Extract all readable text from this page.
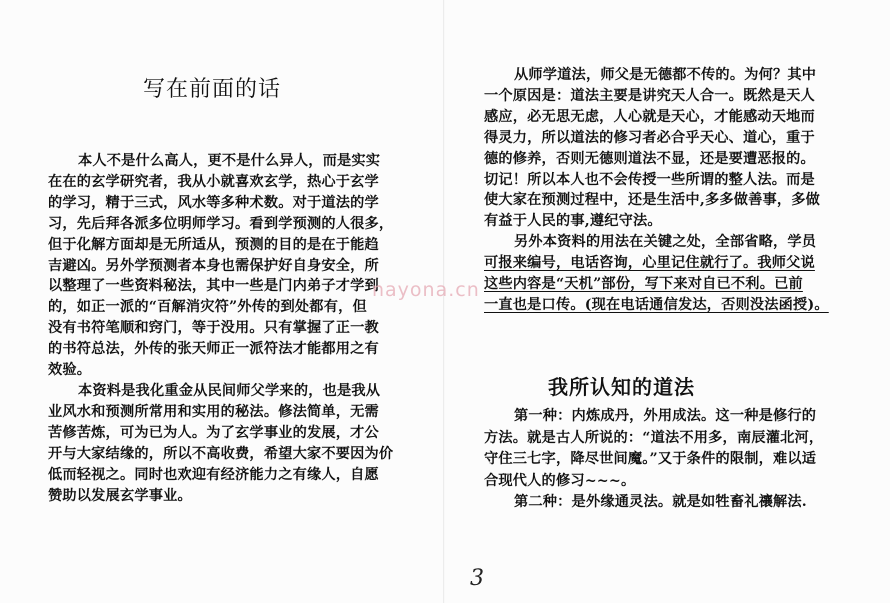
写在前面的话
本人不是什么高人，更不是什么异人，而是实实
在在的玄学研究者，我从小就喜欢玄学，热心于玄学
的学习，精于三式，风水等多种术数。对于道法的学
习，先后拜各派多位明师学习。看到学预测的人很多，
但于化解方面却是无所适从，预测的目的是在于能趋
吉避凶。另外学预测者本身也需保护好自身安全，所
以整理了一些资料秘法，其中一些是门内弟子才学到
的，如正一派的“百解消灾符”外传的到处都有，但
没有书符笔顺和窍门，等于没用。只有掌握了正一教
的书符总法，外传的张天师正一派符法才能都用之有
效验。
本资料是我化重金从民间师父学来的，也是我从
业风水和预测所常用和实用的秘法。修法简单，无需
苦修苦炼，可为已为人。为了玄学事业的发展，才公
开与大家结缘的，所以不高收费，希望大家不要因为价
低而轻视之。同时也欢迎有经济能力之有缘人，自愿
赞助以发展玄学事业。
从师学道法，师父是无德都不传的。为何？其中
一个原因是：道法主要是讲究天人合一。既然是天人
感应，必无思无虑，人心就是天心，才能感动天地而
得灵力，所以道法的修习者必合乎天心、道心，重于
德的修养，否则无德则道法不显，还是要遭恶报的。
切记！所以本人也不会传授一些所谓的整人法。而是
使大家在预测过程中，还是生活中,多多做善事，多做
有益于人民的事,遵纪守法。
另外本资料的用法在关键之处，全部省略，学员
可报来编号，电话咨询，心里记住就行了。我师父说
这些内容是“天机”部份，写下来对自已不利。已前
一直也是口传。(现在电话通信发达，否则没法函授)。
我所认知的道法
第一种：内炼成丹，外用成法。这一种是修行的
方法。就是古人所说的：“道法不用多，南辰灌北河，
守住三七字，降尽世间魔。”又于条件的限制，难以适
合现代人的修习~~~。
第二种：是外缘通灵法。就是如牲畜礼禳解法.
nayona.cn
3
